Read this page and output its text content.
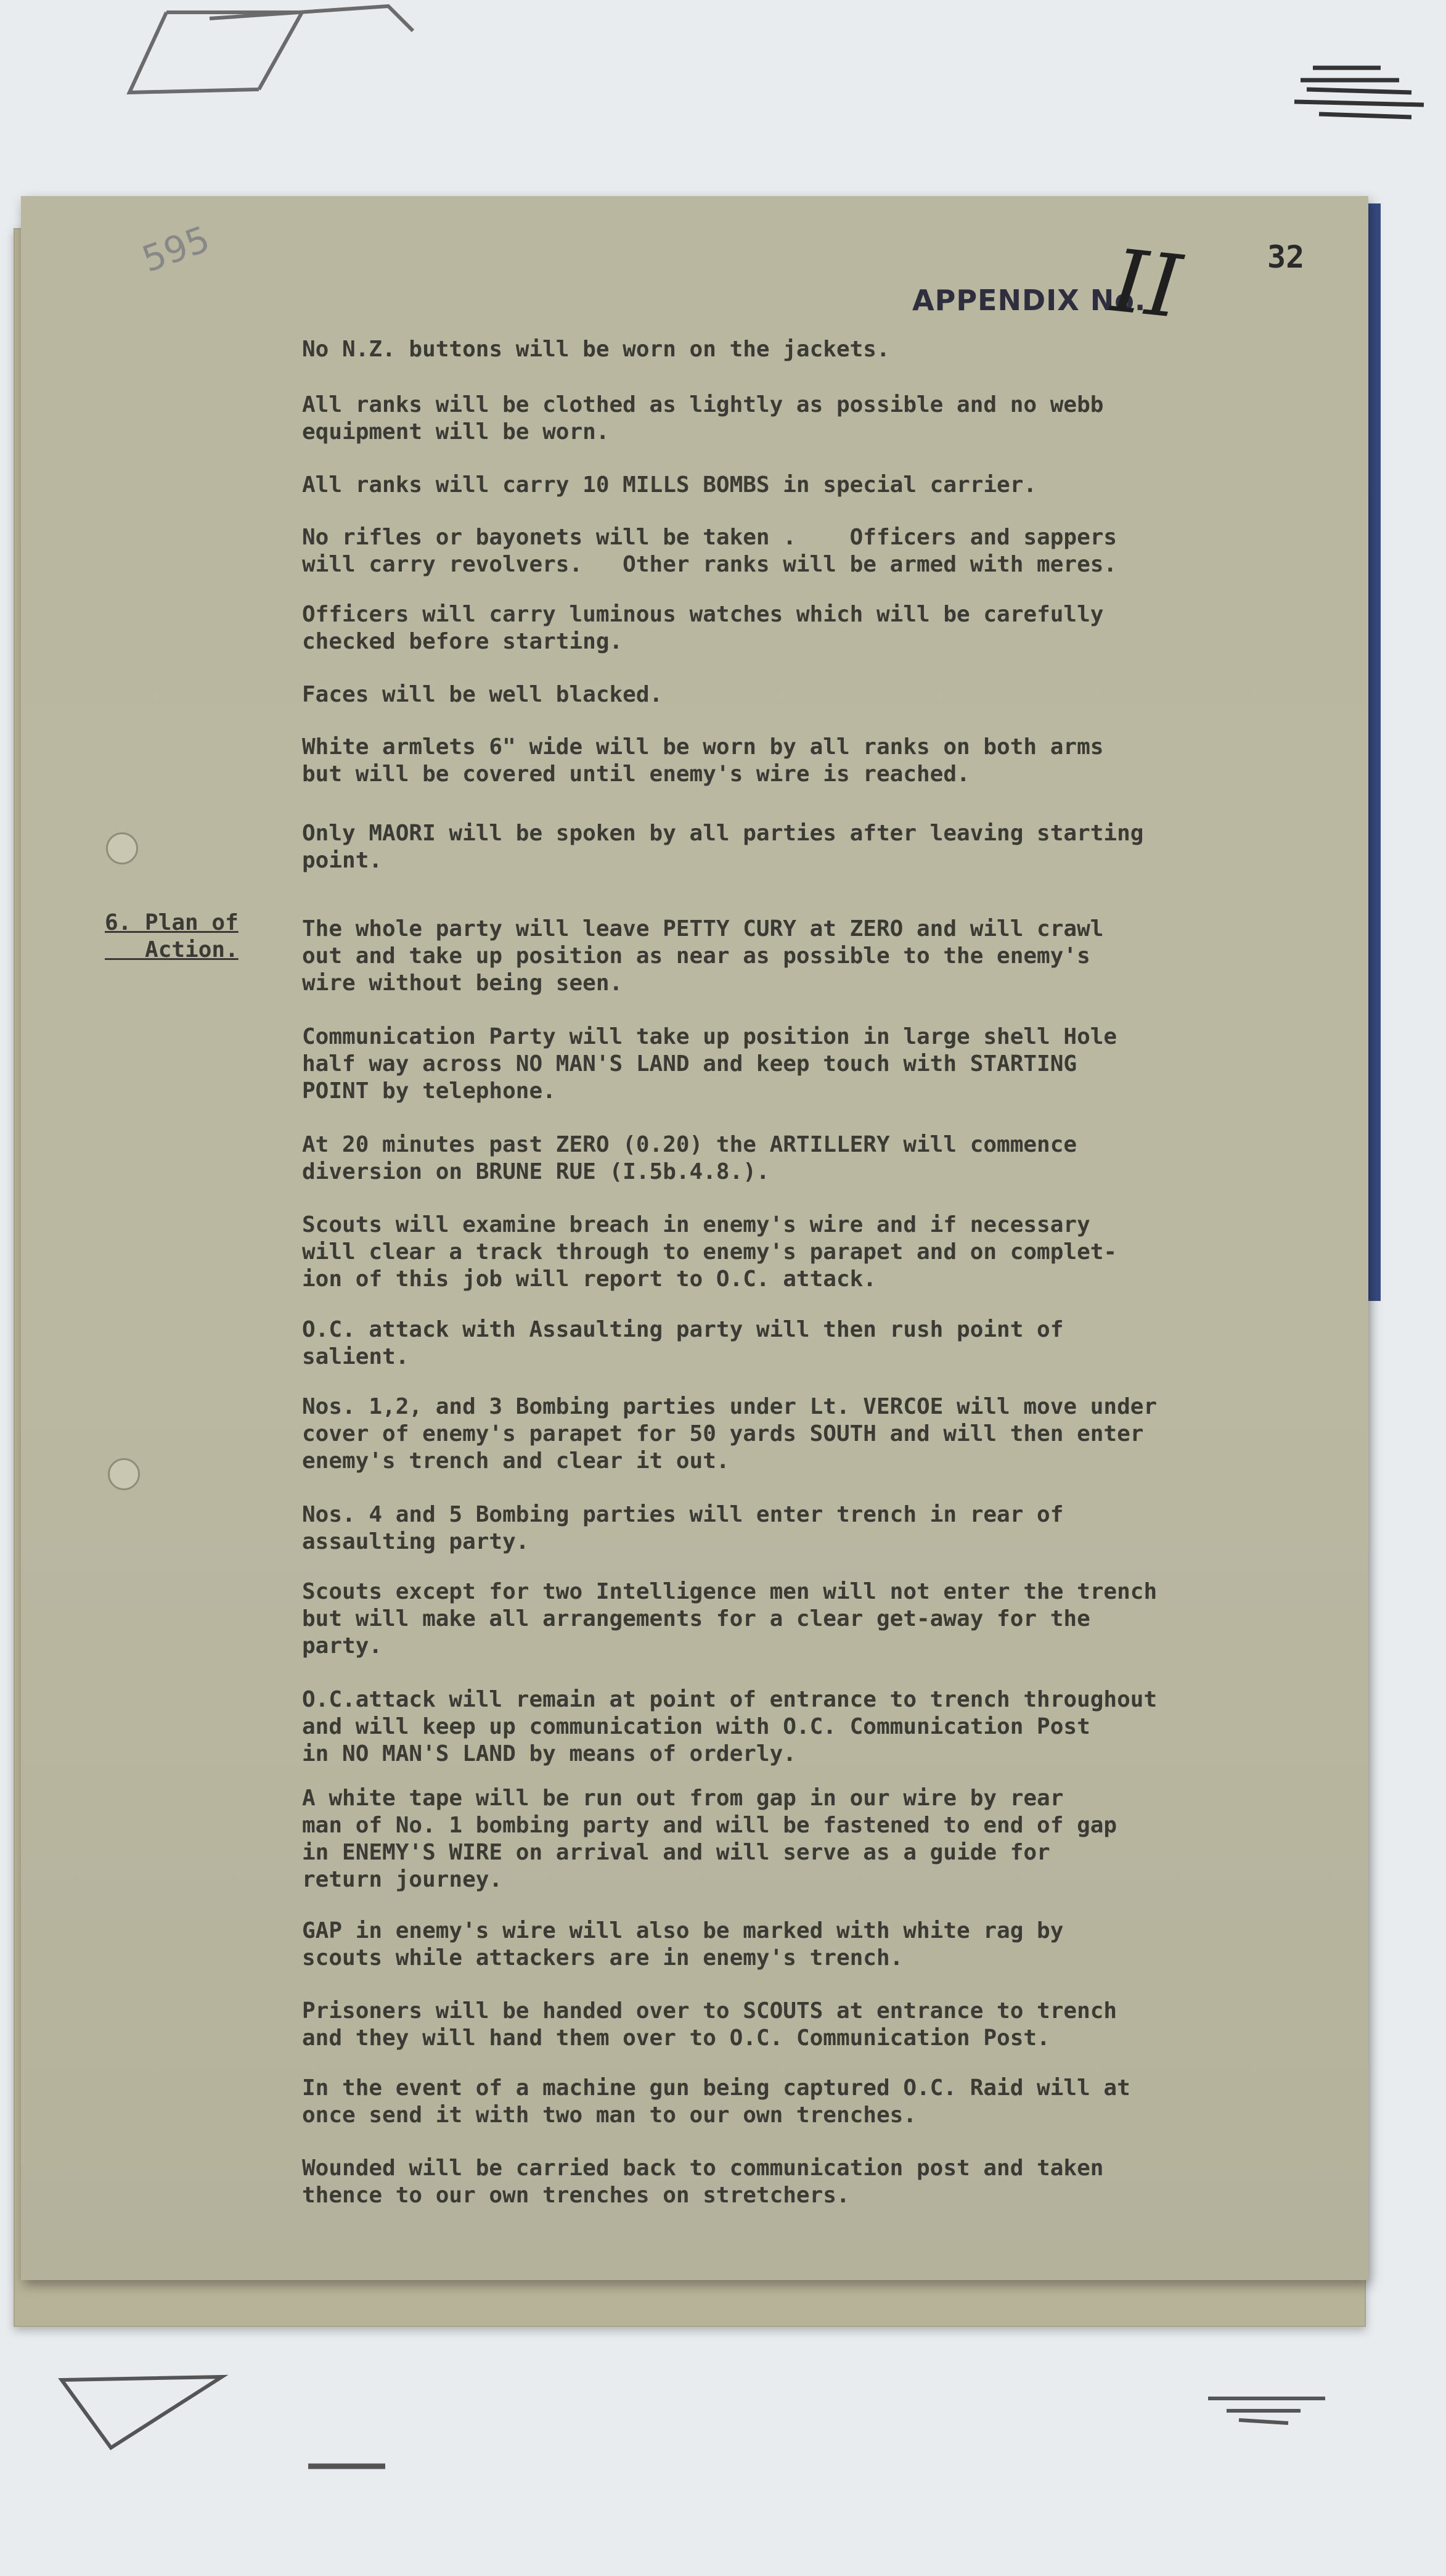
595	32
APPENDIX No.
II

No N.Z. buttons will be worn on the jackets.

All ranks will be clothed as lightly as possible and no webb
equipment will be worn.

All ranks will carry 10 MILLS BOMBS in special carrier.

No rifles or bayonets will be taken .    Officers and sappers
will carry revolvers.   Other ranks will be armed with meres.

Officers will carry luminous watches which will be carefully
checked before starting.

Faces will be well blacked.

White armlets 6" wide will be worn by all ranks on both arms
but will be covered until enemy's wire is reached.

Only MAORI will be spoken by all parties after leaving starting
point.

6. Plan of
Action.

The whole party will leave PETTY CURY at ZERO and will crawl
out and take up position as near as possible to the enemy's
wire without being seen.

Communication Party will take up position in large shell Hole
half way across NO MAN'S LAND and keep touch with STARTING
POINT by telephone.

At 20 minutes past ZERO (0.20) the ARTILLERY will commence
diversion on BRUNE RUE (I.5b.4.8.).

Scouts will examine breach in enemy's wire and if necessary
will clear a track through to enemy's parapet and on complet-
ion of this job will report to O.C. attack.

O.C. attack with Assaulting party will then rush point of
salient.

Nos. 1,2, and 3 Bombing parties under Lt. VERCOE will move under
cover of enemy's parapet for 50 yards SOUTH and will then enter
enemy's trench and clear it out.

Nos. 4 and 5 Bombing parties will enter trench in rear of
assaulting party.

Scouts except for two Intelligence men will not enter the trench
but will make all arrangements for a clear get-away for the
party.

O.C.attack will remain at point of entrance to trench throughout
and will keep up communication with O.C. Communication Post
in NO MAN'S LAND by means of orderly.

A white tape will be run out from gap in our wire by rear
man of No. 1 bombing party and will be fastened to end of gap
in ENEMY'S WIRE on arrival and will serve as a guide for
return journey.

GAP in enemy's wire will also be marked with white rag by
scouts while attackers are in enemy's trench.

Prisoners will be handed over to SCOUTS at entrance to trench
and they will hand them over to O.C. Communication Post.

In the event of a machine gun being captured O.C. Raid will at
once send it with two man to our own trenches.

Wounded will be carried back to communication post and taken
thence to our own trenches on stretchers.
